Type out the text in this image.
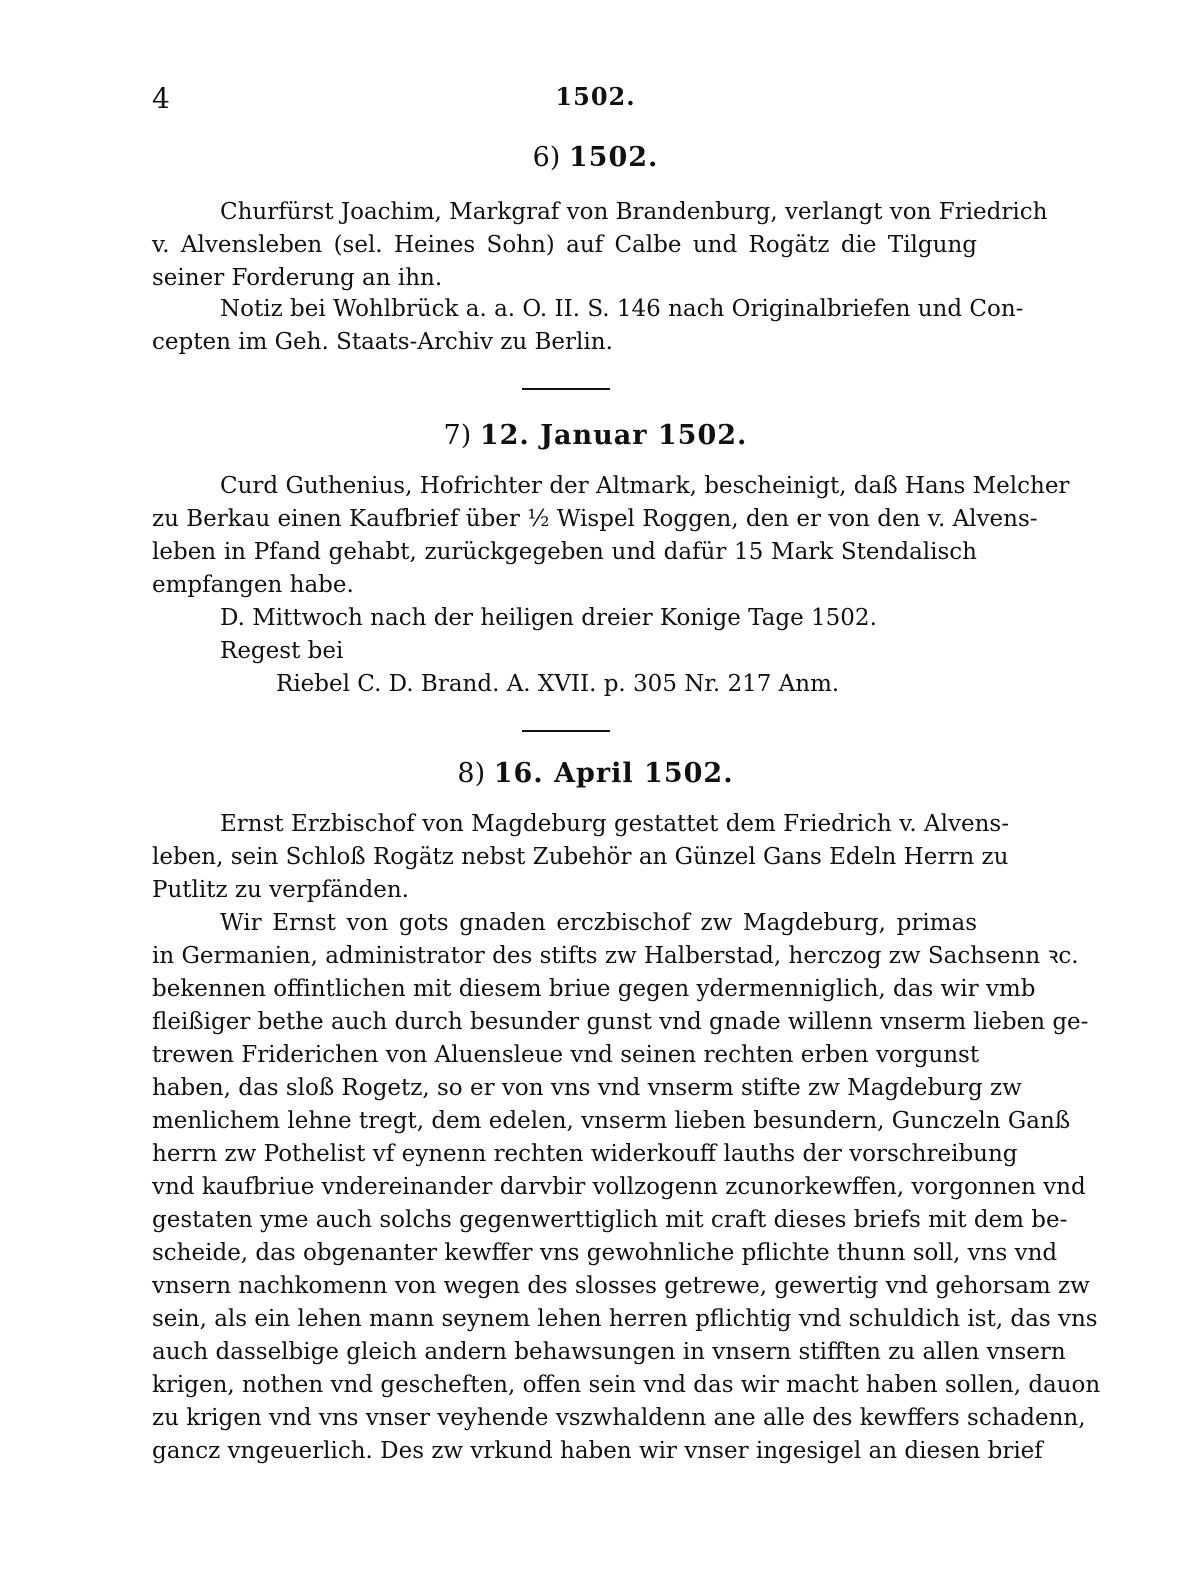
4	1502.
6) 1502.
Churfürst Joachim, Markgraf von Brandenburg, verlangt von Friedrich
v. Alvensleben (sel. Heines Sohn) auf Calbe und Rogätz die Tilgung
seiner Forderung an ihn.
Notiz bei Wohlbrück a. a. O. II. S. 146 nach Originalbriefen und Con-
cepten im Geh. Staats-Archiv zu Berlin.
7) 12. Januar 1502.
Curd Guthenius, Hofrichter der Altmark, bescheinigt, daß Hans Melcher
zu Berkau einen Kaufbrief über ½ Wispel Roggen, den er von den v. Alvens-
leben in Pfand gehabt, zurückgegeben und dafür 15 Mark Stendalisch
empfangen habe.
D. Mittwoch nach der heiligen dreier Konige Tage 1502.
Regest bei
Riebel C. D. Brand. A. XVII. p. 305 Nr. 217 Anm.
8) 16. April 1502.
Ernst Erzbischof von Magdeburg gestattet dem Friedrich v. Alvens-
leben, sein Schloß Rogätz nebst Zubehör an Günzel Gans Edeln Herrn zu
Putlitz zu verpfänden.
Wir Ernst von gots gnaden erczbischof zw Magdeburg, primas
in Germanien, administrator des stifts zw Halberstad, herczog zw Sachsenn ꝛc.
bekennen offintlichen mit diesem briue gegen ydermenniglich, das wir vmb
fleißiger bethe auch durch besunder gunst vnd gnade willenn vnserm lieben ge-
trewen Friderichen von Aluensleue vnd seinen rechten erben vorgunst
haben, das sloß Rogetz, so er von vns vnd vnserm stifte zw Magdeburg zw
menlichem lehne tregt, dem edelen, vnserm lieben besundern, Gunczeln Ganß
herrn zw Pothelist vf eynenn rechten widerkouff lauths der vorschreibung
vnd kaufbriue vndereinander darvbir vollzogenn zcunorkewffen, vorgonnen vnd
gestaten yme auch solchs gegenwerttiglich mit craft dieses briefs mit dem be-
scheide, das obgenanter kewffer vns gewohnliche pflichte thunn soll, vns vnd
vnsern nachkomenn von wegen des slosses getrewe, gewertig vnd gehorsam zw
sein, als ein lehen mann seynem lehen herren pflichtig vnd schuldich ist, das vns
auch dasselbige gleich andern behawsungen in vnsern stifften zu allen vnsern
krigen, nothen vnd gescheften, offen sein vnd das wir macht haben sollen, dauon
zu krigen vnd vns vnser veyhende vszwhaldenn ane alle des kewffers schadenn,
gancz vngeuerlich. Des zw vrkund haben wir vnser ingesigel an diesen brief
